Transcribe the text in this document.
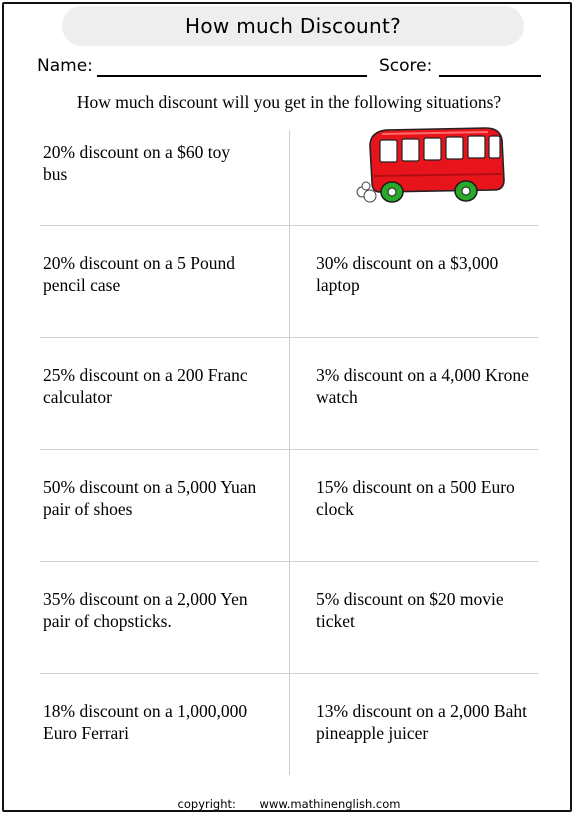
How much Discount?
Name:	Score:
How much discount will you get in the following situations?
20% discount on a $60 toy bus
20% discount on a 5 Pound pencil case
25% discount on a 200 Franc calculator
50% discount on a 5,000 Yuan pair of shoes
35% discount on a 2,000 Yen pair of chopsticks.
18% discount on a 1,000,000 Euro Ferrari
30% discount on a $3,000 laptop
3% discount on a 4,000 Krone watch
15% discount on a 500 Euro clock
5% discount on $20 movie ticket
13% discount on a 2,000 Baht pineapple juicer
copyright: www.mathinenglish.com
